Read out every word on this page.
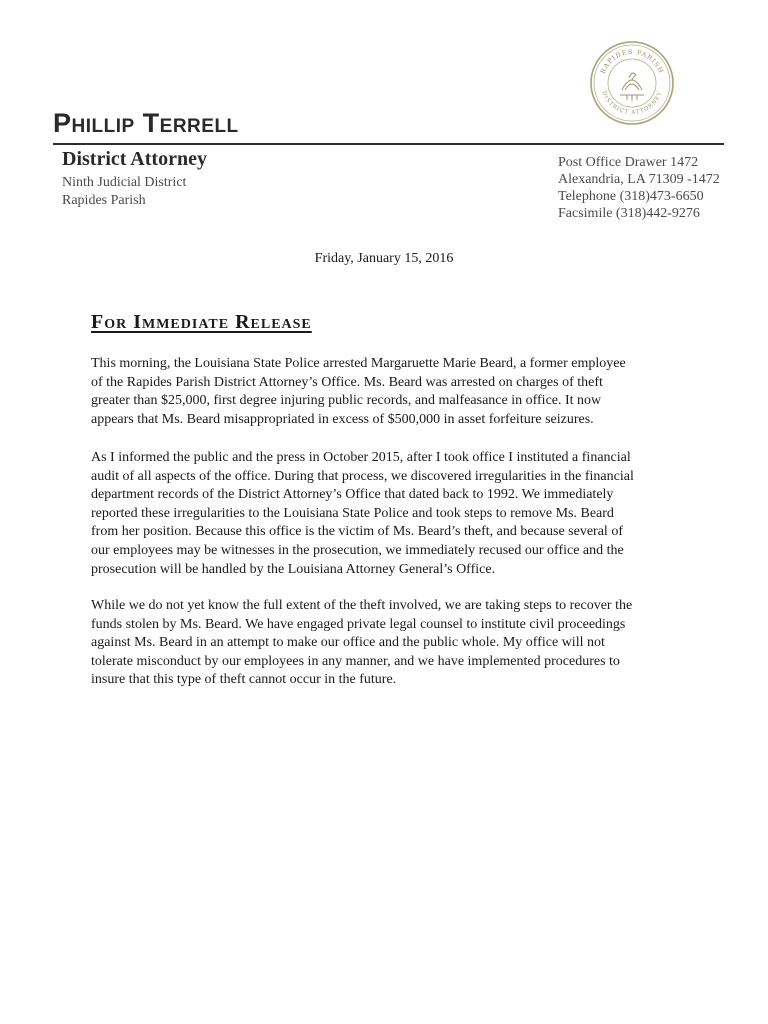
RAPIDES PARISH
DISTRICT ATTORNEY
Phillip Terrell
District Attorney
Ninth Judicial District
Rapides Parish
Post Office Drawer 1472
Alexandria, LA 71309 -1472
Telephone (318)473-6650
Facsimile (318)442-9276
Friday, January 15, 2016
For Immediate Release
This morning, the Louisiana State Police arrested Margaruette Marie Beard, a former employee
of the Rapides Parish District Attorney’s Office. Ms. Beard was arrested on charges of theft
greater than $25,000, first degree injuring public records, and malfeasance in office. It now
appears that Ms. Beard misappropriated in excess of $500,000 in asset forfeiture seizures.
As I informed the public and the press in October 2015, after I took office I instituted a financial
audit of all aspects of the office. During that process, we discovered irregularities in the financial
department records of the District Attorney’s Office that dated back to 1992. We immediately
reported these irregularities to the Louisiana State Police and took steps to remove Ms. Beard
from her position. Because this office is the victim of Ms. Beard’s theft, and because several of
our employees may be witnesses in the prosecution, we immediately recused our office and the
prosecution will be handled by the Louisiana Attorney General’s Office.
While we do not yet know the full extent of the theft involved, we are taking steps to recover the
funds stolen by Ms. Beard. We have engaged private legal counsel to institute civil proceedings
against Ms. Beard in an attempt to make our office and the public whole. My office will not
tolerate misconduct by our employees in any manner, and we have implemented procedures to
insure that this type of theft cannot occur in the future.
